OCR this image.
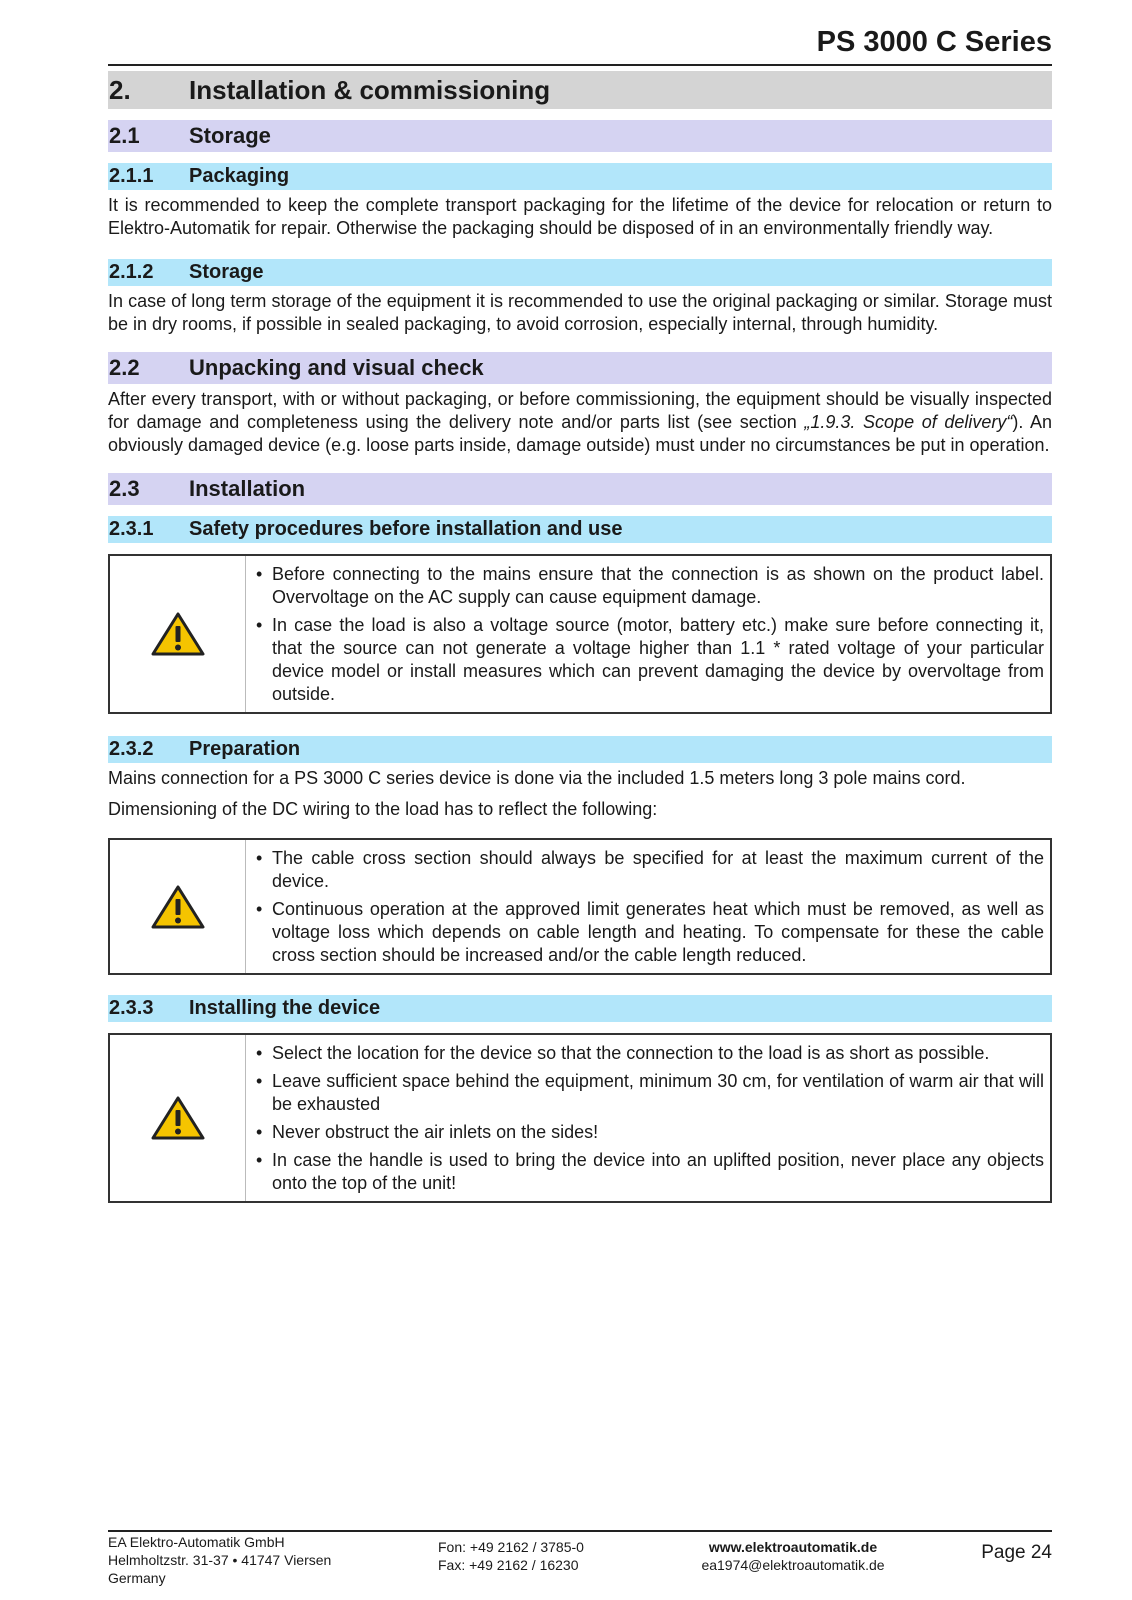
PS 3000 C Series
2.	Installation & commissioning
2.1	Storage
2.1.1	Packaging

It is recommended to keep the complete transport packaging for the lifetime of the device for relocation or return to Elektro-Automatik for repair. Otherwise the packaging should be disposed of in an environmentally friendly way.

2.1.2	Storage

In case of long term storage of the equipment it is recommended to use the original packaging or similar. Storage must be in dry rooms, if possible in sealed packaging, to avoid corrosion, especially internal, through humidity.

2.2	Unpacking and visual check

After every transport, with or without packaging, or before commissioning, the equipment should be visually inspected for damage and completeness using the delivery note and/or parts list (see section „1.9.3. Scope of delivery“). An obviously damaged device (e.g. loose parts inside, damage outside) must under no circumstances be put in operation.

2.3	Installation
2.3.1	Safety procedures before installation and use
• Before connecting to the mains ensure that the connection is as shown on the product label. Overvoltage on the AC supply can cause equipment damage.
• In case the load is also a voltage source (motor, battery etc.) make sure before connecting it, that the source can not generate a voltage higher than 1.1 * rated voltage of your particular device model or install measures which can prevent damaging the device by overvoltage from outside.
2.3.2	Preparation

Mains connection for a PS 3000 C series device is done via the included 1.5 meters long 3 pole mains cord.

Dimensioning of the DC wiring to the load has to reflect the following:

• The cable cross section should always be specified for at least the maximum current of the device.
• Continuous operation at the approved limit generates heat which must be removed, as well as voltage loss which depends on cable length and heating. To compensate for these the cable cross section should be increased and/or the cable length reduced.
2.3.3	Installing the device
• Select the location for the device so that the connection to the load is as short as possible.
• Leave sufficient space behind the equipment, minimum 30 cm, for ventilation of warm air that will be exhausted
• Never obstruct the air inlets on the sides!
• In case the handle is used to bring the device into an uplifted position, never place any objects onto the top of the unit!
EA Elektro-Automatik GmbH
Helmholtzstr. 31-37 • 41747 Viersen
Germany
Fon: +49 2162 / 3785-0
Fax: +49 2162 / 16230
www.elektroautomatik.de
ea1974@elektroautomatik.de
Page 24
